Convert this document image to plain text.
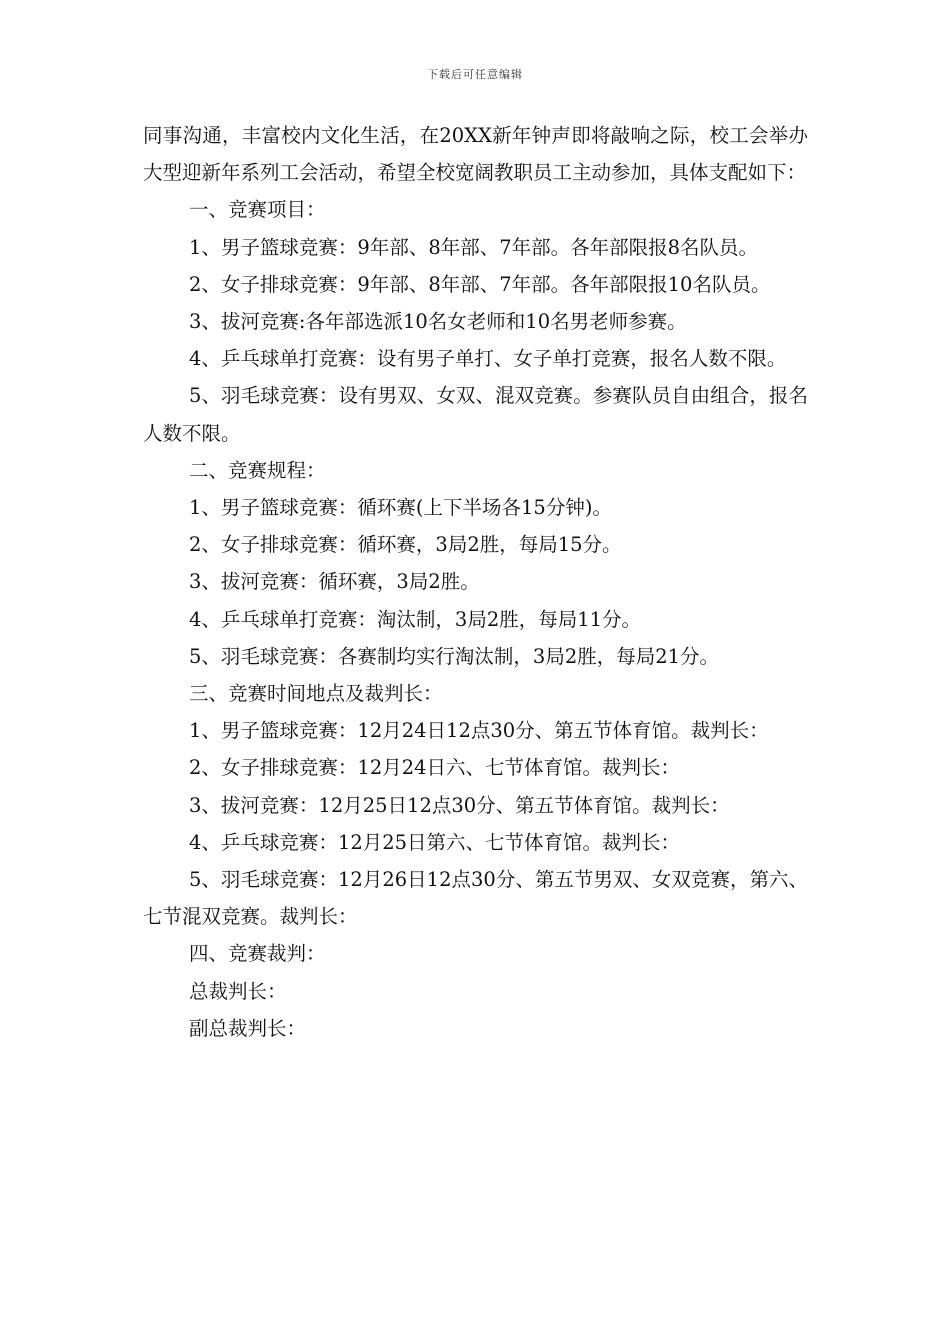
下载后可任意编辑

同事沟通，丰富校内文化生活，在20XX新年钟声即将敲响之际，校工会举办大型迎新年系列工会活动，希望全校宽阔教职员工主动参加，具体支配如下：

一、竞赛项目：

1、男子篮球竞赛：9年部、8年部、7年部。各年部限报8名队员。

2、女子排球竞赛：9年部、8年部、7年部。各年部限报10名队员。

3、拔河竞赛:各年部选派10名女老师和10名男老师参赛。

4、乒乓球单打竞赛：设有男子单打、女子单打竞赛，报名人数不限。

5、羽毛球竞赛：设有男双、女双、混双竞赛。参赛队员自由组合，报名人数不限。

二、竞赛规程：

1、男子篮球竞赛：循环赛(上下半场各15分钟)。

2、女子排球竞赛：循环赛，3局2胜，每局15分。

3、拔河竞赛：循环赛，3局2胜。

4、乒乓球单打竞赛：淘汰制，3局2胜，每局11分。

5、羽毛球竞赛：各赛制均实行淘汰制，3局2胜，每局21分。

三、竞赛时间地点及裁判长：

1、男子篮球竞赛：12月24日12点30分、第五节体育馆。裁判长：

2、女子排球竞赛：12月24日六、七节体育馆。裁判长：

3、拔河竞赛：12月25日12点30分、第五节体育馆。裁判长：

4、乒乓球竞赛：12月25日第六、七节体育馆。裁判长：

5、羽毛球竞赛：12月26日12点30分、第五节男双、女双竞赛，第六、七节混双竞赛。裁判长：

四、竞赛裁判：

总裁判长：

副总裁判长：
